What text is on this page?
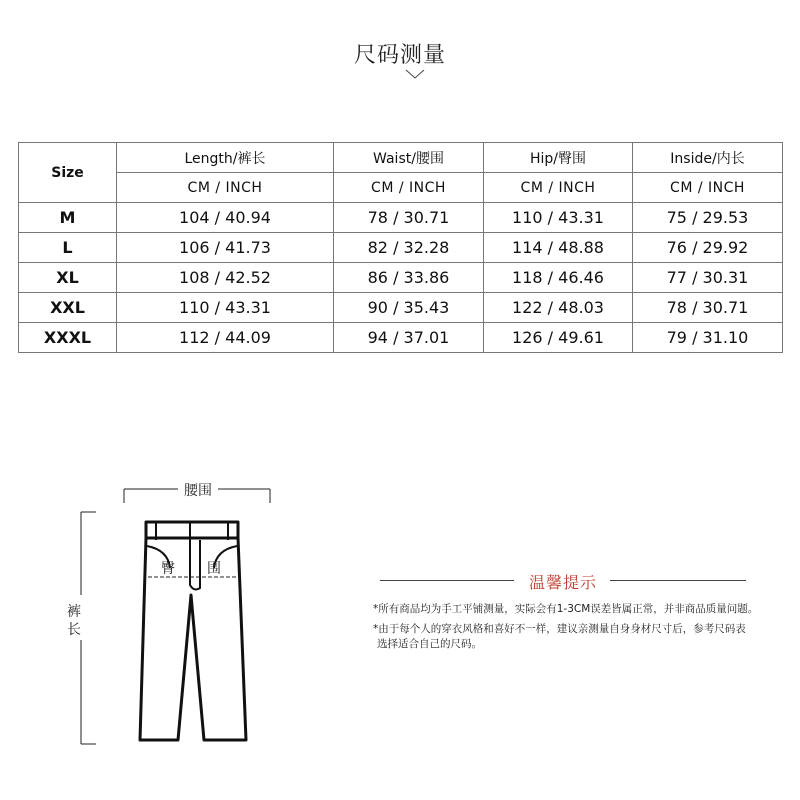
尺码测量
Size	Length/裤长	Waist/腰围	Hip/臀围	Inside/内长
	CM / INCH	CM / INCH	CM / INCH	CM / INCH
M	104 / 40.94	78 / 30.71	110 / 43.31	75 / 29.53
L	106 / 41.73	82 / 32.28	114 / 48.88	76 / 29.92
XL	108 / 42.52	86 / 33.86	118 / 46.46	77 / 30.31
XXL	110 / 43.31	90 / 35.43	122 / 48.03	78 / 30.71
XXXL	112 / 44.09	94 / 37.01	126 / 49.61	79 / 31.10
腰围
臀 围
裤
长
温馨提示
*所有商品均为手工平铺测量，实际会有1-3CM误差皆属正常，并非商品质量问题。
*由于每个人的穿衣风格和喜好不一样，建议亲测量自身身材尺寸后，参考尺码表
选择适合自己的尺码。
